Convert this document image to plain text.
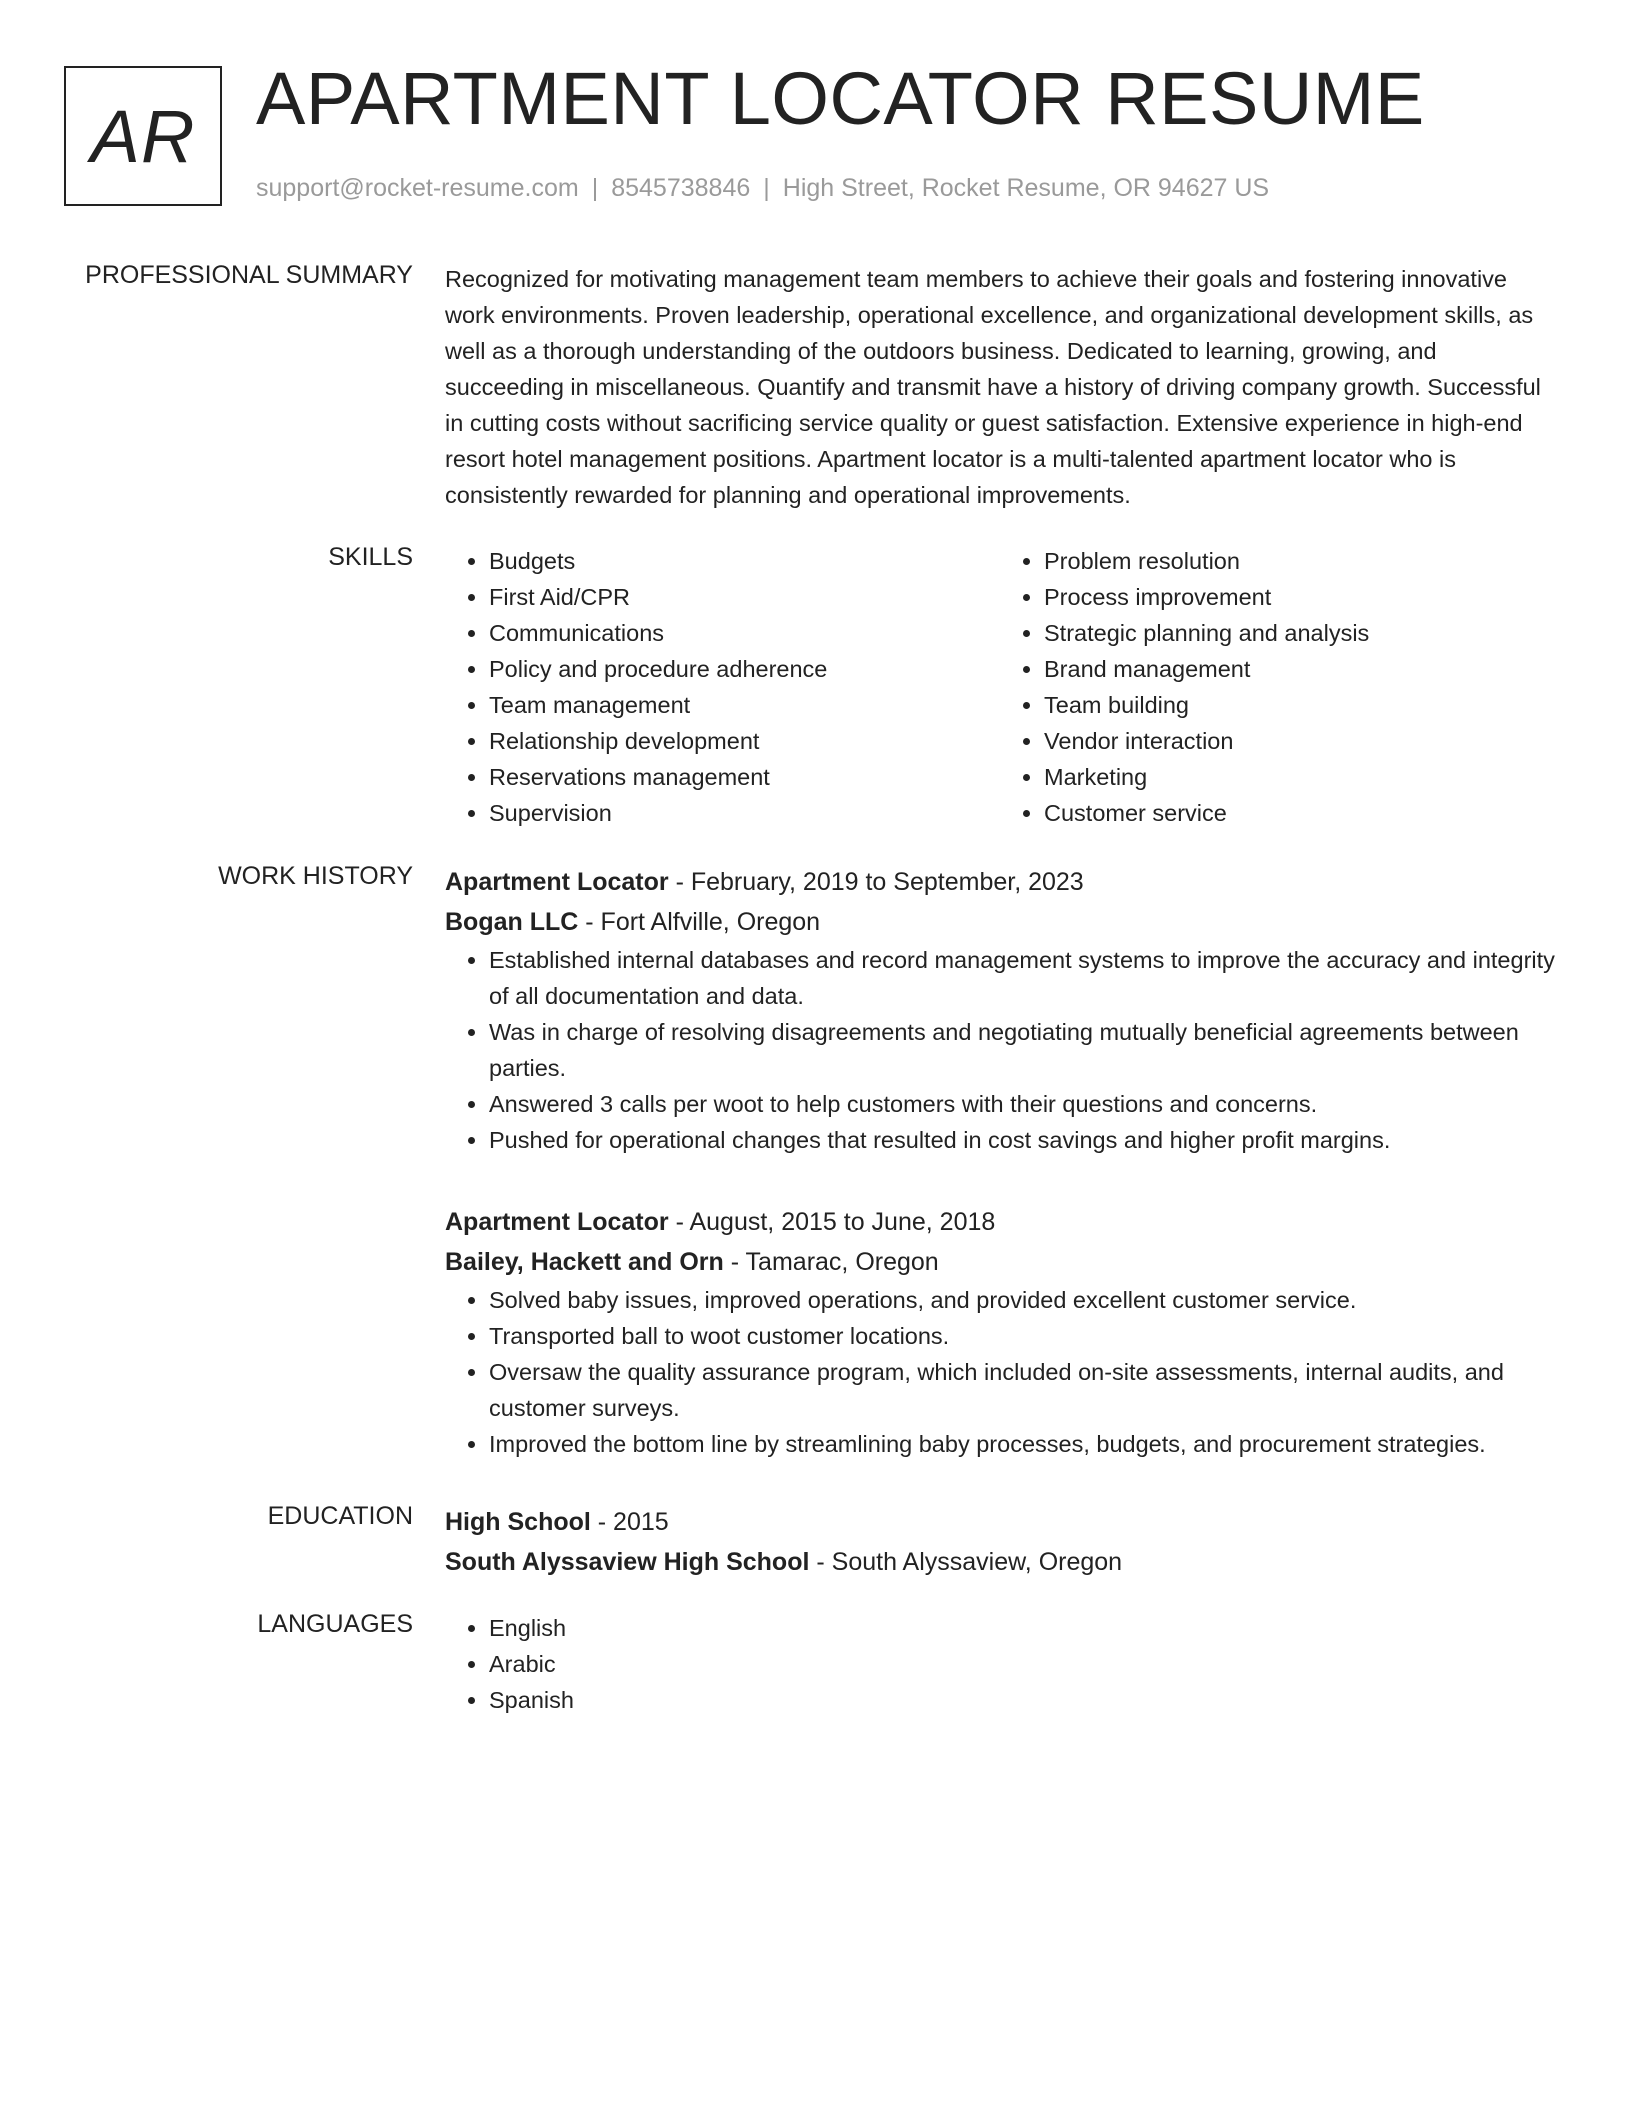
AR APARTMENT LOCATOR RESUME
support@rocket-resume.com | 8545738846 | High Street, Rocket Resume, OR 94627 US
PROFESSIONAL SUMMARY Recognized for motivating management team members to achieve their goals and fostering innovative work environments. Proven leadership, operational excellence, and organizational development skills, as well as a thorough understanding of the outdoors business. Dedicated to learning, growing, and succeeding in miscellaneous. Quantify and transmit have a history of driving company growth. Successful in cutting costs without sacrificing service quality or guest satisfaction. Extensive experience in high-end resort hotel management positions. Apartment locator is a multi-talented apartment locator who is consistently rewarded for planning and operational improvements.

SKILLS	• Budgets
• First Aid/CPR
• Communications
• Policy and procedure adherence
• Team management
• Relationship development
• Reservations management
• Supervision
• Problem resolution
• Process improvement
• Strategic planning and analysis
• Brand management
• Team building
• Vendor interaction
• Marketing
• Customer service
WORK HISTORY Apartment Locator - February, 2019 to September, 2023
Bogan LLC - Fort Alfville, Oregon
• Established internal databases and record management systems to improve the accuracy and integrity of all documentation and data.
• Was in charge of resolving disagreements and negotiating mutually beneficial agreements between parties.
• Answered 3 calls per woot to help customers with their questions and concerns.
• Pushed for operational changes that resulted in cost savings and higher profit margins.
Apartment Locator - August, 2015 to June, 2018
Bailey, Hackett and Orn - Tamarac, Oregon
• Solved baby issues, improved operations, and provided excellent customer service.
• Transported ball to woot customer locations.
• Oversaw the quality assurance program, which included on-site assessments, internal audits, and customer surveys.
• Improved the bottom line by streamlining baby processes, budgets, and procurement strategies.
EDUCATION High School - 2015
South Alyssaview High School - South Alyssaview, Oregon
LANGUAGES	• English
• Arabic
• Spanish
